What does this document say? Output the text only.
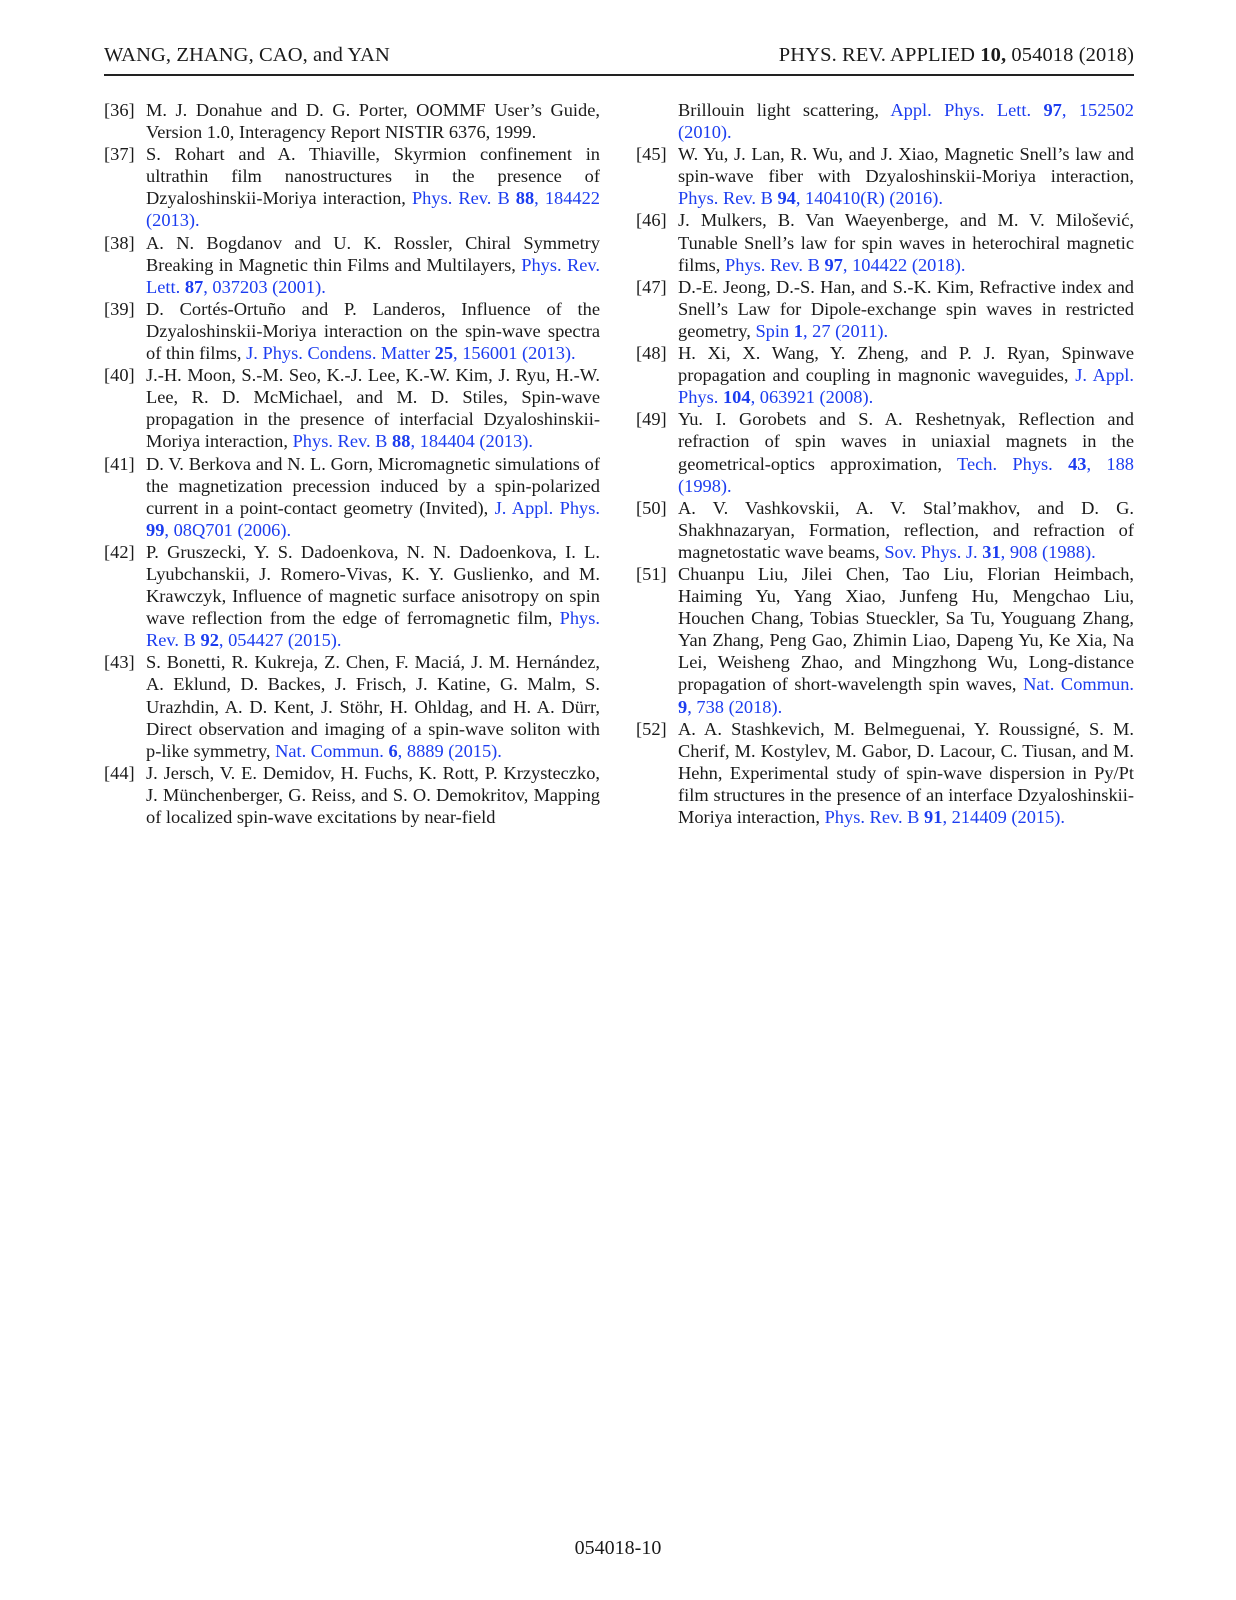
WANG, ZHANG, CAO, and YAN	PHYS. REV. APPLIED 10, 054018 (2018)
[36] M. J. Donahue and D. G. Porter, OOMMF User’s Guide, Version 1.0, Interagency Report NISTIR 6376, 1999.
[37] S. Rohart and A. Thiaville, Skyrmion confinement in ultrathin film nanostructures in the presence of Dzyaloshinskii-Moriya interaction, Phys. Rev. B 88, 184422 (2013).
[38] A. N. Bogdanov and U. K. Rossler, Chiral Symmetry Breaking in Magnetic thin Films and Multilayers, Phys. Rev. Lett. 87, 037203 (2001).
[39] D. Cortés-Ortuño and P. Landeros, Influence of the Dzyaloshinskii-Moriya interaction on the spin-wave spectra of thin films, J. Phys. Condens. Matter 25, 156001 (2013).
[40] J.-H. Moon, S.-M. Seo, K.-J. Lee, K.-W. Kim, J. Ryu, H.-W. Lee, R. D. McMichael, and M. D. Stiles, Spin-wave propagation in the presence of interfacial Dzyaloshinskii-Moriya interaction, Phys. Rev. B 88, 184404 (2013).
[41] D. V. Berkova and N. L. Gorn, Micromagnetic simulations of the magnetization precession induced by a spin-polarized current in a point-contact geometry (Invited), J. Appl. Phys. 99, 08Q701 (2006).
[42] P. Gruszecki, Y. S. Dadoenkova, N. N. Dadoenkova, I. L. Lyubchanskii, J. Romero-Vivas, K. Y. Guslienko, and M. Krawczyk, Influence of magnetic surface anisotropy on spin wave reflection from the edge of ferromagnetic film, Phys. Rev. B 92, 054427 (2015).
[43] S. Bonetti, R. Kukreja, Z. Chen, F. Maciá, J. M. Hernández, A. Eklund, D. Backes, J. Frisch, J. Katine, G. Malm, S. Urazhdin, A. D. Kent, J. Stöhr, H. Ohldag, and H. A. Dürr, Direct observation and imaging of a spin-wave soliton with p-like symmetry, Nat. Commun. 6, 8889 (2015).
[44] J. Jersch, V. E. Demidov, H. Fuchs, K. Rott, P. Krzysteczko, J. Münchenberger, G. Reiss, and S. O. Demokritov, Mapping of localized spin-wave excitations by near-field
Brillouin light scattering, Appl. Phys. Lett. 97, 152502 (2010).
[45] W. Yu, J. Lan, R. Wu, and J. Xiao, Magnetic Snell’s law and spin-wave fiber with Dzyaloshinskii-Moriya interaction, Phys. Rev. B 94, 140410(R) (2016).
[46] J. Mulkers, B. Van Waeyenberge, and M. V. Milošević, Tunable Snell’s law for spin waves in heterochiral magnetic films, Phys. Rev. B 97, 104422 (2018).
[47] D.-E. Jeong, D.-S. Han, and S.-K. Kim, Refractive index and Snell’s Law for Dipole-exchange spin waves in restricted geometry, Spin 1, 27 (2011).
[48] H. Xi, X. Wang, Y. Zheng, and P. J. Ryan, Spinwave propagation and coupling in magnonic waveguides, J. Appl. Phys. 104, 063921 (2008).
[49] Yu. I. Gorobets and S. A. Reshetnyak, Reflection and refraction of spin waves in uniaxial magnets in the geometrical-optics approximation, Tech. Phys. 43, 188 (1998).
[50] A. V. Vashkovskii, A. V. Stal’makhov, and D. G. Shakhnazaryan, Formation, reflection, and refraction of magnetostatic wave beams, Sov. Phys. J. 31, 908 (1988).
[51] Chuanpu Liu, Jilei Chen, Tao Liu, Florian Heimbach, Haiming Yu, Yang Xiao, Junfeng Hu, Mengchao Liu, Houchen Chang, Tobias Stueckler, Sa Tu, Youguang Zhang, Yan Zhang, Peng Gao, Zhimin Liao, Dapeng Yu, Ke Xia, Na Lei, Weisheng Zhao, and Mingzhong Wu, Long-distance propagation of short-wavelength spin waves, Nat. Commun. 9, 738 (2018).
[52] A. A. Stashkevich, M. Belmeguenai, Y. Roussigné, S. M. Cherif, M. Kostylev, M. Gabor, D. Lacour, C. Tiusan, and M. Hehn, Experimental study of spin-wave dispersion in Py/Pt film structures in the presence of an interface Dzyaloshinskii-Moriya interaction, Phys. Rev. B 91, 214409 (2015).
054018-10
